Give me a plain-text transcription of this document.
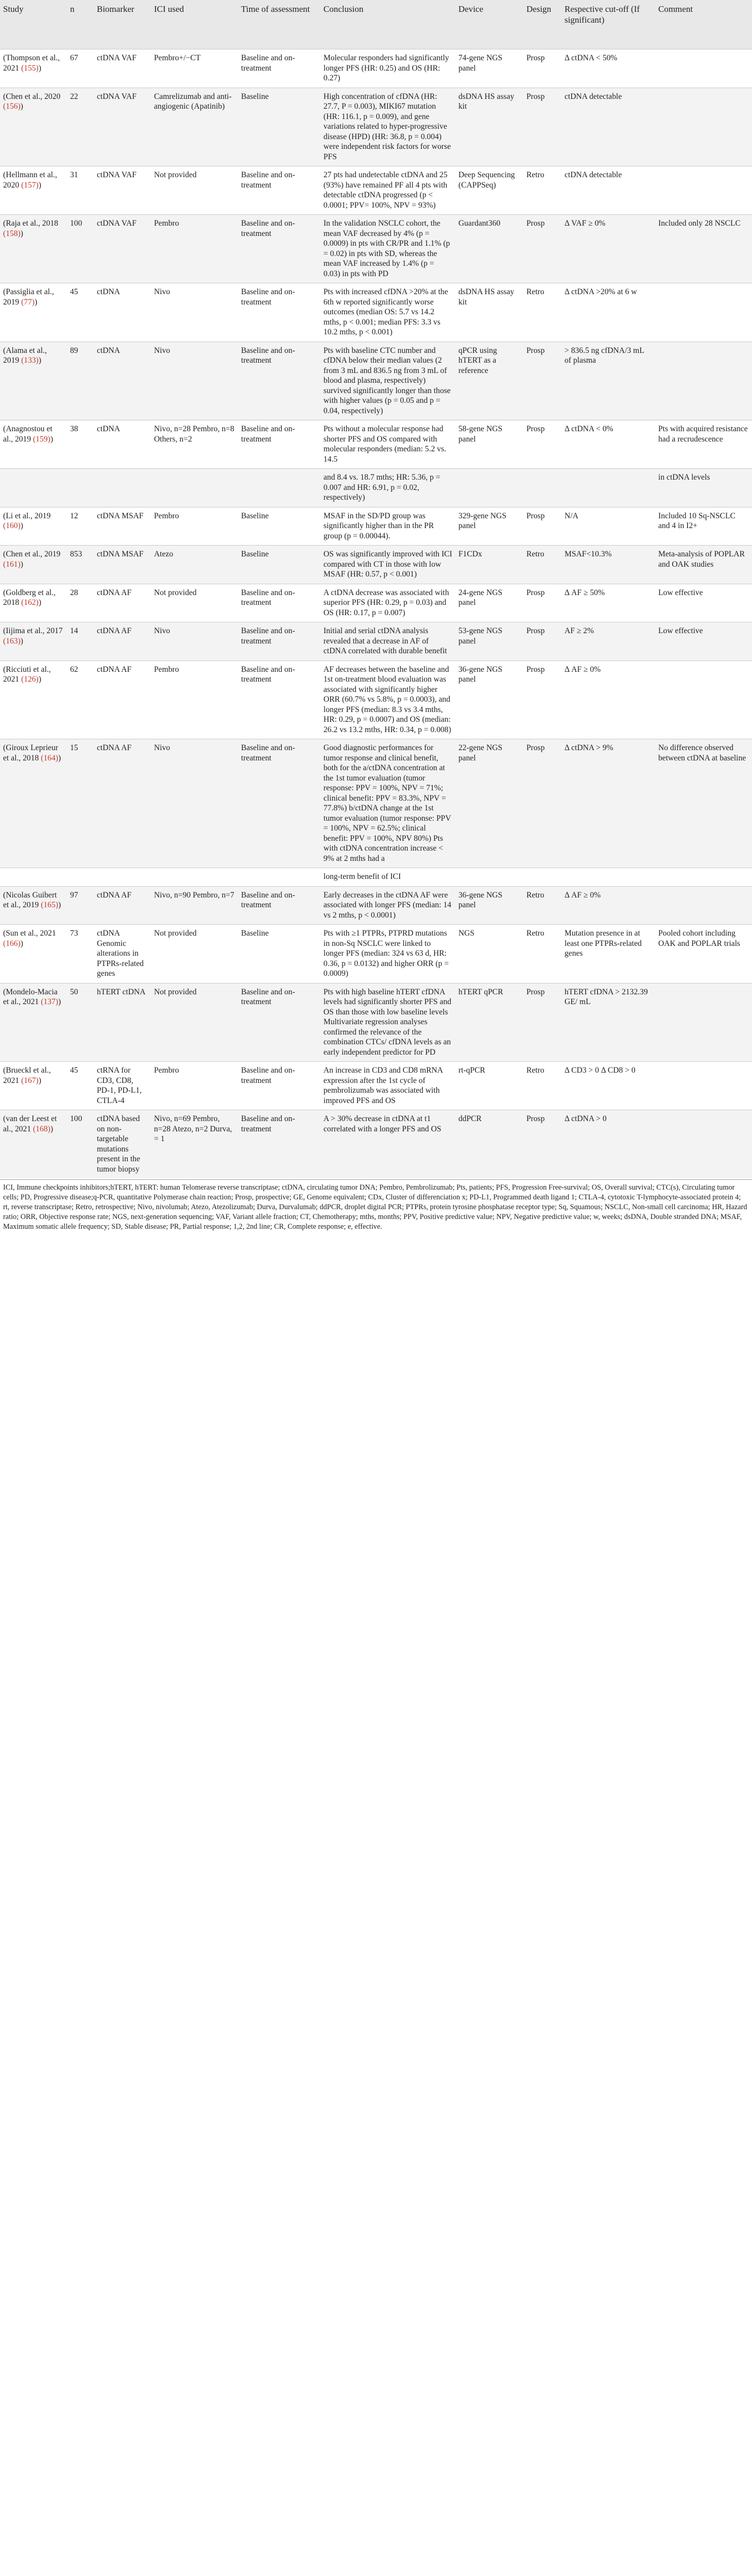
Study	n	Biomarker	ICI used	Time of assessment	Conclusion	Device	Design	Respective cut-off (If significant)	Comment
(Thompson et al., 2021 (155))	67	ctDNA VAF	Pembro+/−CT	Baseline and on-treatment	Molecular responders had significantly longer PFS (HR: 0.25) and OS (HR: 0.27)	74-gene NGS panel	Prosp	Δ ctDNA < 50%	
(Chen et al., 2020 (156))	22	ctDNA VAF	Camrelizumab and anti-angiogenic (Apatinib)	Baseline	High concentration of cfDNA (HR: 27.7, P = 0.003), MIKI67 mutation (HR: 116.1, p = 0.009), and gene variations related to hyper-progressive disease (HPD) (HR: 36.8, p = 0.004) were independent risk factors for worse PFS	dsDNA HS assay kit	Prosp	ctDNA detectable	
(Hellmann et al., 2020 (157))	31	ctDNA VAF	Not provided	Baseline and on-treatment	27 pts had undetectable ctDNA and 25 (93%) have remained PF all 4 pts with detectable ctDNA progressed (p < 0.0001; PPV= 100%, NPV = 93%)	Deep Sequencing (CAPPSeq)	Retro	ctDNA detectable	
(Raja et al., 2018 (158))	100	ctDNA VAF	Pembro	Baseline and on-treatment	In the validation NSCLC cohort, the mean VAF decreased by 4% (p = 0.0009) in pts with CR/PR and 1.1% (p = 0.02) in pts with SD, whereas the mean VAF increased by 1.4% (p = 0.03) in pts with PD	Guardant360	Prosp	Δ VAF ≥ 0%	Included only 28 NSCLC
(Passiglia et al., 2019 (77))	45	ctDNA	Nivo	Baseline and on-treatment	Pts with increased cfDNA >20% at the 6th w reported significantly worse outcomes (median OS: 5.7 vs 14.2 mths, p < 0.001; median PFS: 3.3 vs 10.2 mths, p < 0.001)	dsDNA HS assay kit	Retro	Δ ctDNA >20% at 6 w	
(Alama et al., 2019 (133))	89	ctDNA	Nivo	Baseline and on-treatment	Pts with baseline CTC number and cfDNA below their median values (2 from 3 mL and 836.5 ng from 3 mL of blood and plasma, respectively) survived significantly longer than those with higher values (p = 0.05 and p = 0.04, respectively)	qPCR using hTERT as a reference	Prosp	> 836.5 ng cfDNA/3 mL of plasma	
(Anagnostou et al., 2019 (159))	38	ctDNA	Nivo, n=28 Pembro, n=8 Others, n=2	Baseline and on-treatment	Pts without a molecular response had shorter PFS and OS compared with molecular responders (median: 5.2 vs. 14.5	58-gene NGS panel	Prosp	Δ ctDNA < 0%	Pts with acquired resistance had a recrudescence
					and 8.4 vs. 18.7 mths; HR: 5.36, p = 0.007 and HR: 6.91, p = 0.02, respectively)				in ctDNA levels
(Li et al., 2019 (160))	12	ctDNA MSAF	Pembro	Baseline	MSAF in the SD/PD group was significantly higher than in the PR group (p = 0.00044).	329-gene NGS panel	Prosp	N/A	Included 10 Sq-NSCLC and 4 in I2+
(Chen et al., 2019 (161))	853	ctDNA MSAF	Atezo	Baseline	OS was significantly improved with ICI compared with CT in those with low MSAF (HR: 0.57, p < 0.001)	F1CDx	Retro	MSAF<10.3%	Meta-analysis of POPLAR and OAK studies
(Goldberg et al., 2018 (162))	28	ctDNA AF	Not provided	Baseline and on-treatment	A ctDNA decrease was associated with superior PFS (HR: 0.29, p = 0.03) and OS (HR: 0.17, p = 0.007)	24-gene NGS panel	Prosp	Δ AF ≥ 50%	Low effective
(Iijima et al., 2017 (163))	14	ctDNA AF	Nivo	Baseline and on-treatment	Initial and serial ctDNA analysis revealed that a decrease in AF of ctDNA correlated with durable benefit	53-gene NGS panel	Prosp	AF ≥ 2%	Low effective
(Ricciuti et al., 2021 (126))	62	ctDNA AF	Pembro	Baseline and on-treatment	AF decreases between the baseline and 1st on-treatment blood evaluation was associated with significantly higher ORR (60.7% vs 5.8%, p = 0.0003), and longer PFS (median: 8.3 vs 3.4 mths, HR: 0.29, p = 0.0007) and OS (median: 26.2 vs 13.2 mths, HR: 0.34, p = 0.008)	36-gene NGS panel	Prosp	Δ AF ≥ 0%	
(Giroux Leprieur et al., 2018 (164))	15	ctDNA AF	Nivo	Baseline and on-treatment	Good diagnostic performances for tumor response and clinical benefit, both for the a/ctDNA concentration at the 1st tumor evaluation (tumor response: PPV = 100%, NPV = 71%; clinical benefit: PPV = 83.3%, NPV = 77.8%) b/ctDNA change at the 1st tumor evaluation (tumor response: PPV = 100%, NPV = 62.5%; clinical benefit: PPV = 100%, NPV 80%) Pts with ctDNA concentration increase < 9% at 2 mths had a	22-gene NGS panel	Prosp	Δ ctDNA > 9%	No difference observed between ctDNA at baseline
					long-term benefit of ICI				
(Nicolas Guibert et al., 2019 (165))	97	ctDNA AF	Nivo, n=90 Pembro, n=7	Baseline and on-treatment	Early decreases in the ctDNA AF were associated with longer PFS (median: 14 vs 2 mths, p < 0.0001)	36-gene NGS panel	Retro	Δ AF ≥ 0%	
(Sun et al., 2021 (166))	73	ctDNA Genomic alterations in PTPRs-related genes	Not provided	Baseline	Pts with ≥1 PTPRs, PTPRD mutations in non-Sq NSCLC were linked to longer PFS (median: 324 vs 63 d, HR: 0.36, p = 0.0132) and higher ORR (p = 0.0009)	NGS	Retro	Mutation presence in at least one PTPRs-related genes	Pooled cohort including OAK and POPLAR trials
(Mondelo-Macia et al., 2021 (137))	50	hTERT ctDNA	Not provided	Baseline and on-treatment	Pts with high baseline hTERT cfDNA levels had significantly shorter PFS and OS than those with low baseline levels Multivariate regression analyses confirmed the relevance of the combination CTCs/ cfDNA levels as an early independent predictor for PD	hTERT qPCR	Prosp	hTERT cfDNA > 2132.39 GE/ mL	
(Brueckl et al., 2021 (167))	45	ctRNA for CD3, CD8, PD-1, PD-L1, CTLA-4	Pembro	Baseline and on-treatment	An increase in CD3 and CD8 mRNA expression after the 1st cycle of pembrolizumab was associated with improved PFS and OS	rt-qPCR	Retro	Δ CD3 > 0 Δ CD8 > 0	
(van der Leest et al., 2021 (168))	100	ctDNA based on non-targetable mutations present in the tumor biopsy	Nivo, n=69 Pembro, n=28 Atezo, n=2 Durva, = 1	Baseline and on-treatment	A > 30% decrease in ctDNA at t1 correlated with a longer PFS and OS	ddPCR	Prosp	Δ ctDNA > 0	
ICI, Immune checkpoints inhibitors;hTERT, hTERT: human Telomerase reverse transcriptase; ctDNA, circulating tumor DNA; Pembro, Pembrolizumab; Pts, patients; PFS, Progression Free-survival; OS, Overall survival; CTC(s), Circulating tumor cells; PD, Progressive disease;q-PCR, quantitative Polymerase chain reaction; Prosp, prospective; GE, Genome equivalent; CDx, Cluster of differenciation x; PD-L1, Programmed death ligand 1; CTLA-4, cytotoxic T-lymphocyte-associated protein 4; rt, reverse transcriptase; Retro, retrospective; Nivo, nivolumab; Atezo, Atezolizumab; Durva, Durvalumab; ddPCR, droplet digital PCR; PTPRs, protein tyrosine phosphatase receptor type; Sq, Squamous; NSCLC, Non-small cell carcinoma; HR, Hazard ratio; ORR, Objective response rate; NGS, next-generation sequencing; VAF, Variant allele fraction; CT, Chemotherapy; mths, months; PPV, Positive predictive value; NPV, Negative predictive value; w, weeks; dsDNA, Double stranded DNA; MSAF, Maximum somatic allele frequency; SD, Stable disease; PR, Partial response; 1,2, 2nd line; CR, Complete response; e, effective.
